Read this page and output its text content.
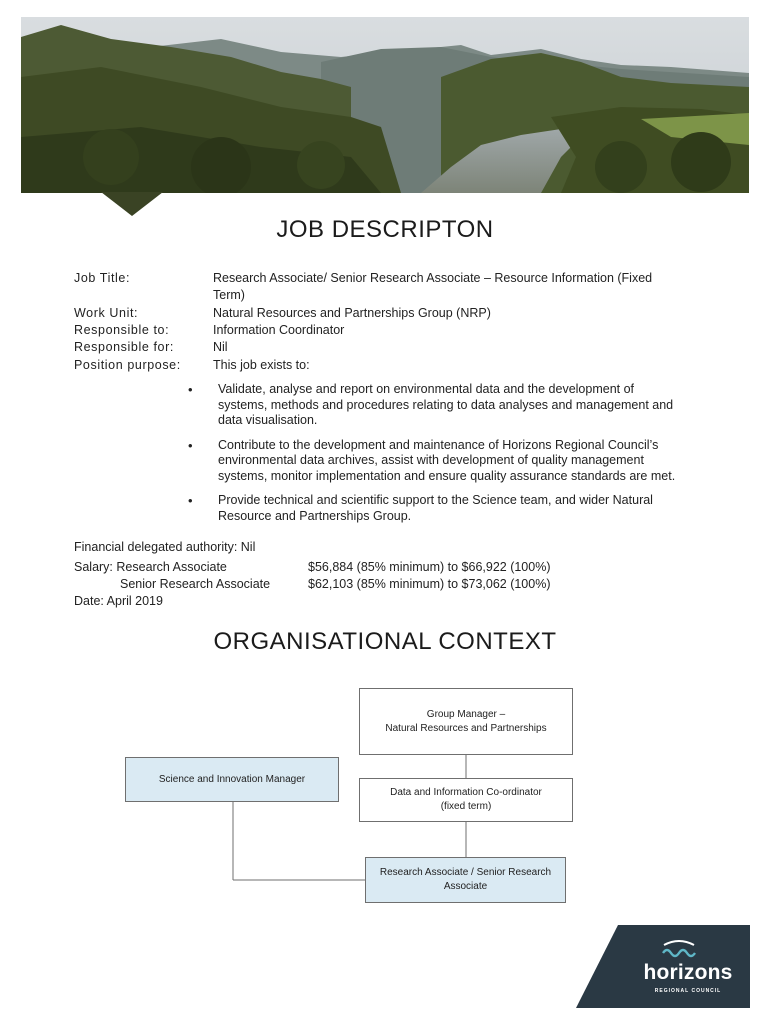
JOB DESCRIPTON
Job Title:	Research Associate/ Senior Research Associate – Resource Information (Fixed Term)
Work Unit:	Natural Resources and Partnerships Group (NRP)
Responsible to:	Information Coordinator
Responsible for:	Nil
Position purpose:	This job exists to:
• Validate, analyse and report on environmental data and the development of systems, methods and procedures relating to data analyses and management and data visualisation.
• Contribute to the development and maintenance of Horizons Regional Council’s environmental data archives, assist with development of quality management systems, monitor implementation and ensure quality assurance standards are met.
• Provide technical and scientific support to the Science team, and wider Natural Resource and Partnerships Group.
Financial delegated authority: Nil
Salary: Research Associate	$56,884 (85% minimum) to $66,922 (100%)
Senior Research Associate	$62,103 (85% minimum) to $73,062 (100%)
Date: April 2019
ORGANISATIONAL CONTEXT
Group Manager –
Natural Resources and Partnerships
Science and Innovation Manager
Data and Information Co-ordinator
(fixed term)
Research Associate / Senior Research
Associate
horizons
REGIONAL COUNCIL
